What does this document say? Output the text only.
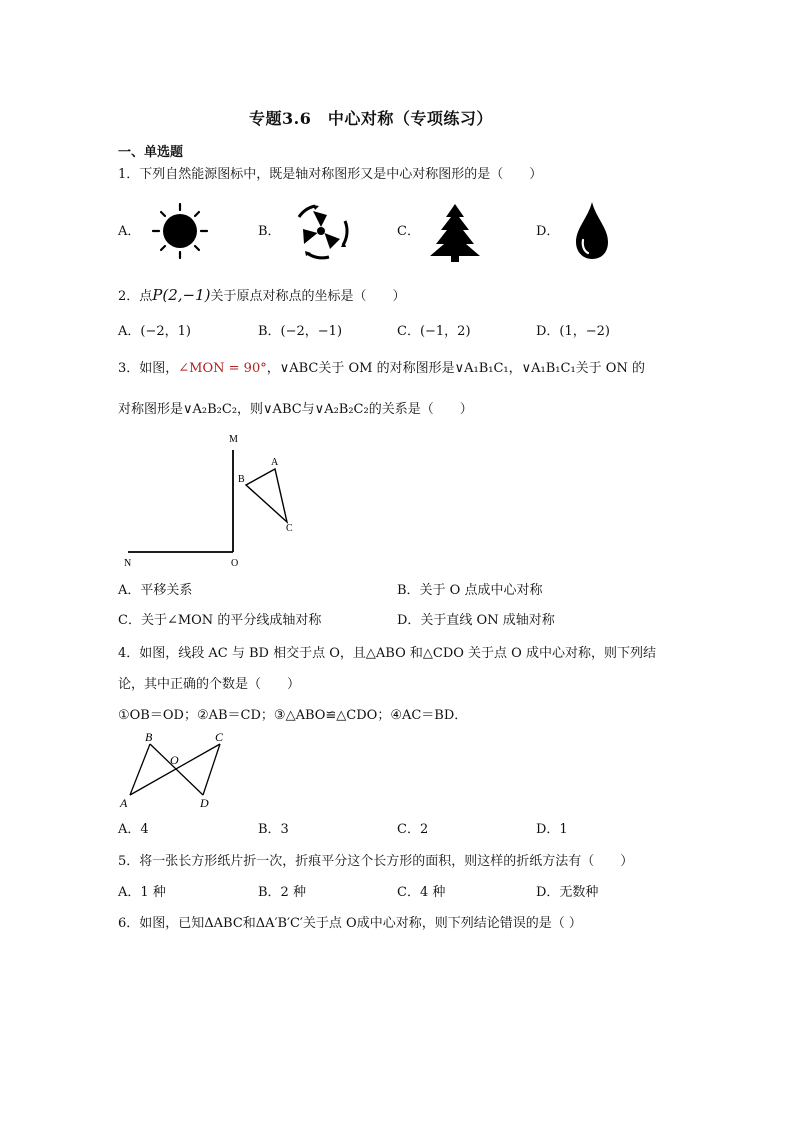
专题3.6　中心对称（专项练习）
一、单选题
1．下列自然能源图标中，既是轴对称图形又是中心对称图形的是（　　）
A．	B．	C．	D．
2．点P(2,−1)关于原点对称点的坐标是（　　）
A．(−2，1)	B．(−2，−1)	C．(−1，2)	D．(1，−2)
3．如图，∠MON = 90°，∨ABC关于 OM 的对称图形是∨A₁B₁C₁，∨A₁B₁C₁关于 ON 的
对称图形是∨A₂B₂C₂，则∨ABC与∨A₂B₂C₂的关系是（　　）
M
N	O
A
B
C
A．平移关系	B．关于 O 点成中心对称
C．关于∠MON 的平分线成轴对称	D．关于直线 ON 成轴对称
4．如图，线段 AC 与 BD 相交于点 O，且△ABO 和△CDO 关于点 O 成中心对称，则下列结
论，其中正确的个数是（　　）
①OB＝OD；②AB＝CD；③△ABO≌△CDO；④AC＝BD．
A
B	C
D
O
A．4	B．3	C．2	D．1
5．将一张长方形纸片折一次，折痕平分这个长方形的面积，则这样的折纸方法有（　　）
A．1 种	B．2 种	C．4 种	D．无数种
6．如图，已知ΔABC和ΔA′B′C′关于点 O成中心对称，则下列结论错误的是（ ）
